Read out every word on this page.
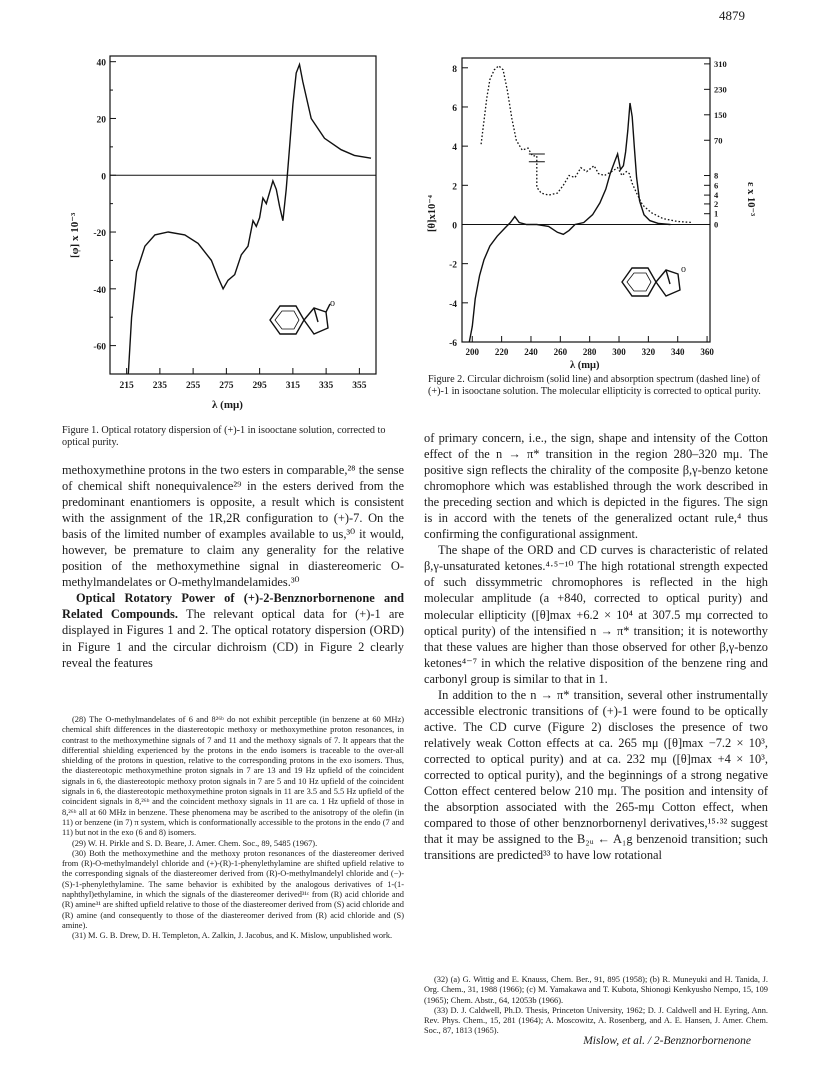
4879
40
20
0
-20
-40
-60
215 235 255 275 295 315 335 355
[φ] x 10⁻³
λ (mμ)
o
Figure 1. Optical rotatory dispersion of (+)-1 in isooctane solution, corrected to optical purity.
8
6
4
2
0
-2
-4
-6
310
230
150
70
8
6
4
2
1
0
200 220 240 260 280 300 320 340 360
[θ]x10⁻⁴	ε x 10⁻³
λ (mμ)
o
Figure 2. Circular dichroism (solid line) and absorption spectrum (dashed line) of (+)-1 in isooctane solution. The molecular ellipticity is corrected to optical purity.

methoxymethine protons in the two esters in comparable,²⁸ the sense of chemical shift nonequivalence²⁹ in the esters derived from the predominant enantiomers is opposite, a result which is consistent with the assignment of the 1R,2R configuration to (+)-7. On the basis of the limited number of examples available to us,³⁰ it would, however, be premature to claim any generality for the relative position of the methoxymethine signal in diastereomeric O-methylmandelates or O-methylmandelamides.³⁰

Optical Rotatory Power of (+)-2-Benznorbornenone and Related Compounds. The relevant optical data for (+)-1 are displayed in Figures 1 and 2. The optical rotatory dispersion (ORD) in Figure 1 and the circular dichroism (CD) in Figure 2 clearly reveal the features

(28) The O-methylmandelates of 6 and 8²⁶ᵇ do not exhibit perceptible (in benzene at 60 MHz) chemical shift differences in the diastereotopic methoxy or methoxymethine proton resonances, in contrast to the methoxymethine signals of 7 and 11 and the methoxy signals of 7. It appears that the differential shielding experienced by the protons in the endo isomers is traceable to the over-all shielding of the protons in question, relative to the corresponding protons in the exo isomers. Thus, the diastereotopic methoxymethine proton signals in 7 are 13 and 19 Hz upfield of the coincident signals in 6, the diastereotopic methoxy proton signals in 7 are 5 and 10 Hz upfield of the coincident signals in 6, the diastereotopic methoxymethine proton signals in 11 are 3.5 and 5.5 Hz upfield of the coincident signals in 8,²⁶ᵇ and the coincident methoxy signals in 11 are ca. 1 Hz upfield of those in 8,²⁶ᵇ all at 60 MHz in benzene. These phenomena may be ascribed to the anisotropy of the olefin (in 11) or benzene (in 7) π system, which is conformationally accessible to the protons in the endo (7 and 11) but not in the exo (6 and 8) isomers.

(29) W. H. Pirkle and S. D. Beare, J. Amer. Chem. Soc., 89, 5485 (1967).

(30) Both the methoxymethine and the methoxy proton resonances of the diastereomer derived from (R)-O-methylmandelyl chloride and (+)-(R)-1-phenylethylamine are shifted upfield relative to the corresponding signals of the diastereomer derived from (R)-O-methylmandelyl chloride and (−)-(S)-1-phenylethylamine. The same behavior is exhibited by the analogous derivatives of 1-(1-naphthyl)ethylamine, in which the signals of the diastereomer derived³¹ᶜ from (R) acid chloride and (R) amine³¹ are shifted upfield relative to those of the diastereomer derived from (S) acid chloride and (R) amine (and consequently to those of the diastereomer derived from (R) acid chloride and (S) amine).

(31) M. G. B. Drew, D. H. Templeton, A. Zalkin, J. Jacobus, and K. Mislow, unpublished work.

of primary concern, i.e., the sign, shape and intensity of the Cotton effect of the n → π* transition in the region 280–320 mμ. The positive sign reflects the chirality of the composite β,γ-benzo ketone chromophore which was established through the work described in the preceding section and which is depicted in the figures. The sign is in accord with the tenets of the generalized octant rule,⁴ thus confirming the configurational assignment.

The shape of the ORD and CD curves is characteristic of related β,γ-unsaturated ketones.⁴·⁵⁻¹⁰ The high rotational strength expected of such dissymmetric chromophores is reflected in the high molecular amplitude (a +840, corrected to optical purity) and molecular ellipticity ([θ]max +6.2 × 10⁴ at 307.5 mμ corrected to optical purity) of the intensified n → π* transition; it is noteworthy that these values are higher than those observed for other β,γ-benzo ketones⁴⁻⁷ in which the relative disposition of the benzene ring and carbonyl group is similar to that in 1.

In addition to the n → π* transition, several other instrumentally accessible electronic transitions of (+)-1 were found to be optically active. The CD curve (Figure 2) discloses the presence of two relatively weak Cotton effects at ca. 265 mμ ([θ]max −7.2 × 10³, corrected to optical purity) and at ca. 232 mμ ([θ]max +4 × 10³, corrected to optical purity), and the beginnings of a strong negative Cotton effect centered below 210 mμ. The position and intensity of the absorption associated with the 265-mμ Cotton effect, when compared to those of other benznorbornenyl derivatives,¹⁵·³² suggest that it may be assigned to the B₂ᵤ ← A₁g benzenoid transition; such transitions are predicted³³ to have low rotational

(32) (a) G. Wittig and E. Knauss, Chem. Ber., 91, 895 (1958); (b) R. Muneyuki and H. Tanida, J. Org. Chem., 31, 1988 (1966); (c) M. Yamakawa and T. Kubota, Shionogi Kenkyusho Nempo, 15, 109 (1965); Chem. Abstr., 64, 12053b (1966).

(33) D. J. Caldwell, Ph.D. Thesis, Princeton University, 1962; D. J. Caldwell and H. Eyring, Ann. Rev. Phys. Chem., 15, 281 (1964); A. Moscowitz, A. Rosenberg, and A. E. Hansen, J. Amer. Chem. Soc., 87, 1813 (1965).

Mislow, et al. / 2-Benznorbornenone
